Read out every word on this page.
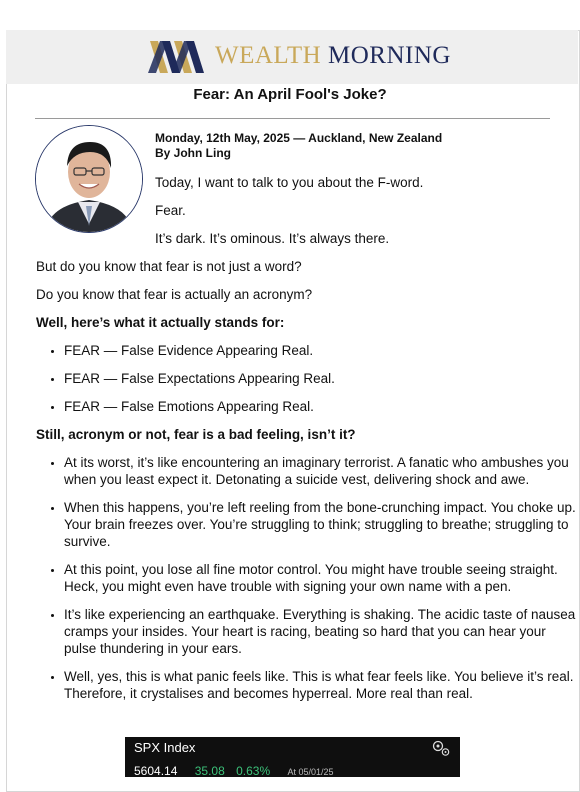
WEALTH MORNING
Fear: An April Fool's Joke?
Monday, 12th May, 2025 — Auckland, New Zealand
By John Ling

Today, I want to talk to you about the F-word.

Fear.

It’s dark. It’s ominous. It’s always there.

But do you know that fear is not just a word?

Do you know that fear is actually an acronym?

Well, here’s what it actually stands for:

• FEAR — False Evidence Appearing Real.
• FEAR — False Expectations Appearing Real.
• FEAR — False Emotions Appearing Real.

Still, acronym or not, fear is a bad feeling, isn’t it?

• At its worst, it’s like encountering an imaginary terrorist. A fanatic who ambushes you when you least expect it. Detonating a suicide vest, delivering shock and awe.
• When this happens, you’re left reeling from the bone-crunching impact. You choke up. Your brain freezes over. You’re struggling to think; struggling to breathe; struggling to survive.
• At this point, you lose all fine motor control. You might have trouble seeing straight. Heck, you might even have trouble with signing your own name with a pen.
• It’s like experiencing an earthquake. Everything is shaking. The acidic taste of nausea cramps your insides. Your heart is racing, beating so hard that you can hear your pulse thundering in your ears.
• Well, yes, this is what panic feels like. This is what fear feels like. You believe it’s real. Therefore, it crystalises and becomes hyperreal. More real than real.
SPX Index
5604.14 35.08 0.63% At 05/01/25
